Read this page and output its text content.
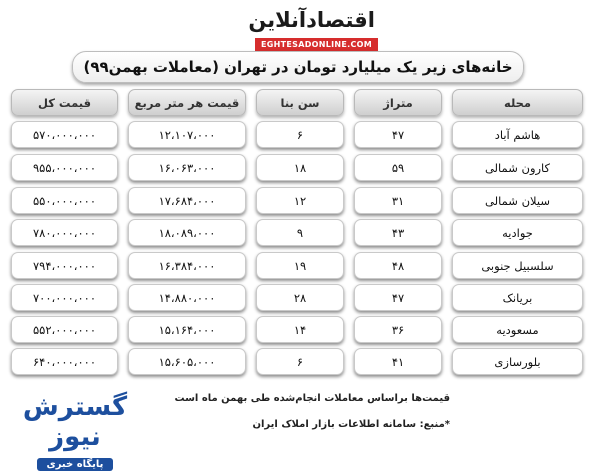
اقتصادآنلاین
EGHTESADONLINE.COM
خانه‌های زیر یک میلیارد تومان در تهران (معاملات بهمن۹۹)
قیمت کل	قیمت هر متر مربع	سن بنا	متراژ	محله
۵۷۰،۰۰۰،۰۰۰	۱۲،۱۰۷،۰۰۰	۶	۴۷	هاشم آباد
۹۵۵،۰۰۰،۰۰۰	۱۶،۰۶۳،۰۰۰	۱۸	۵۹	کارون شمالی
۵۵۰،۰۰۰،۰۰۰	۱۷،۶۸۴،۰۰۰	۱۲	۳۱	سیلان شمالی
۷۸۰،۰۰۰،۰۰۰	۱۸،۰۸۹،۰۰۰	۹	۴۳	جوادیه
۷۹۴،۰۰۰،۰۰۰	۱۶،۳۸۴،۰۰۰	۱۹	۴۸	سلسبیل جنوبی
۷۰۰،۰۰۰،۰۰۰	۱۴،۸۸۰،۰۰۰	۲۸	۴۷	بریانک
۵۵۲،۰۰۰،۰۰۰	۱۵،۱۶۴،۰۰۰	۱۴	۳۶	مسعودیه
۶۴۰،۰۰۰،۰۰۰	۱۵،۶۰۵،۰۰۰	۶	۴۱	بلورسازی
قیمت‌ها براساس معاملات انجام‌شده طی بهمن ماه است
*منبع: سامانه اطلاعات بازار املاک ایران
گسترش نیوز
پایگاه خبری
